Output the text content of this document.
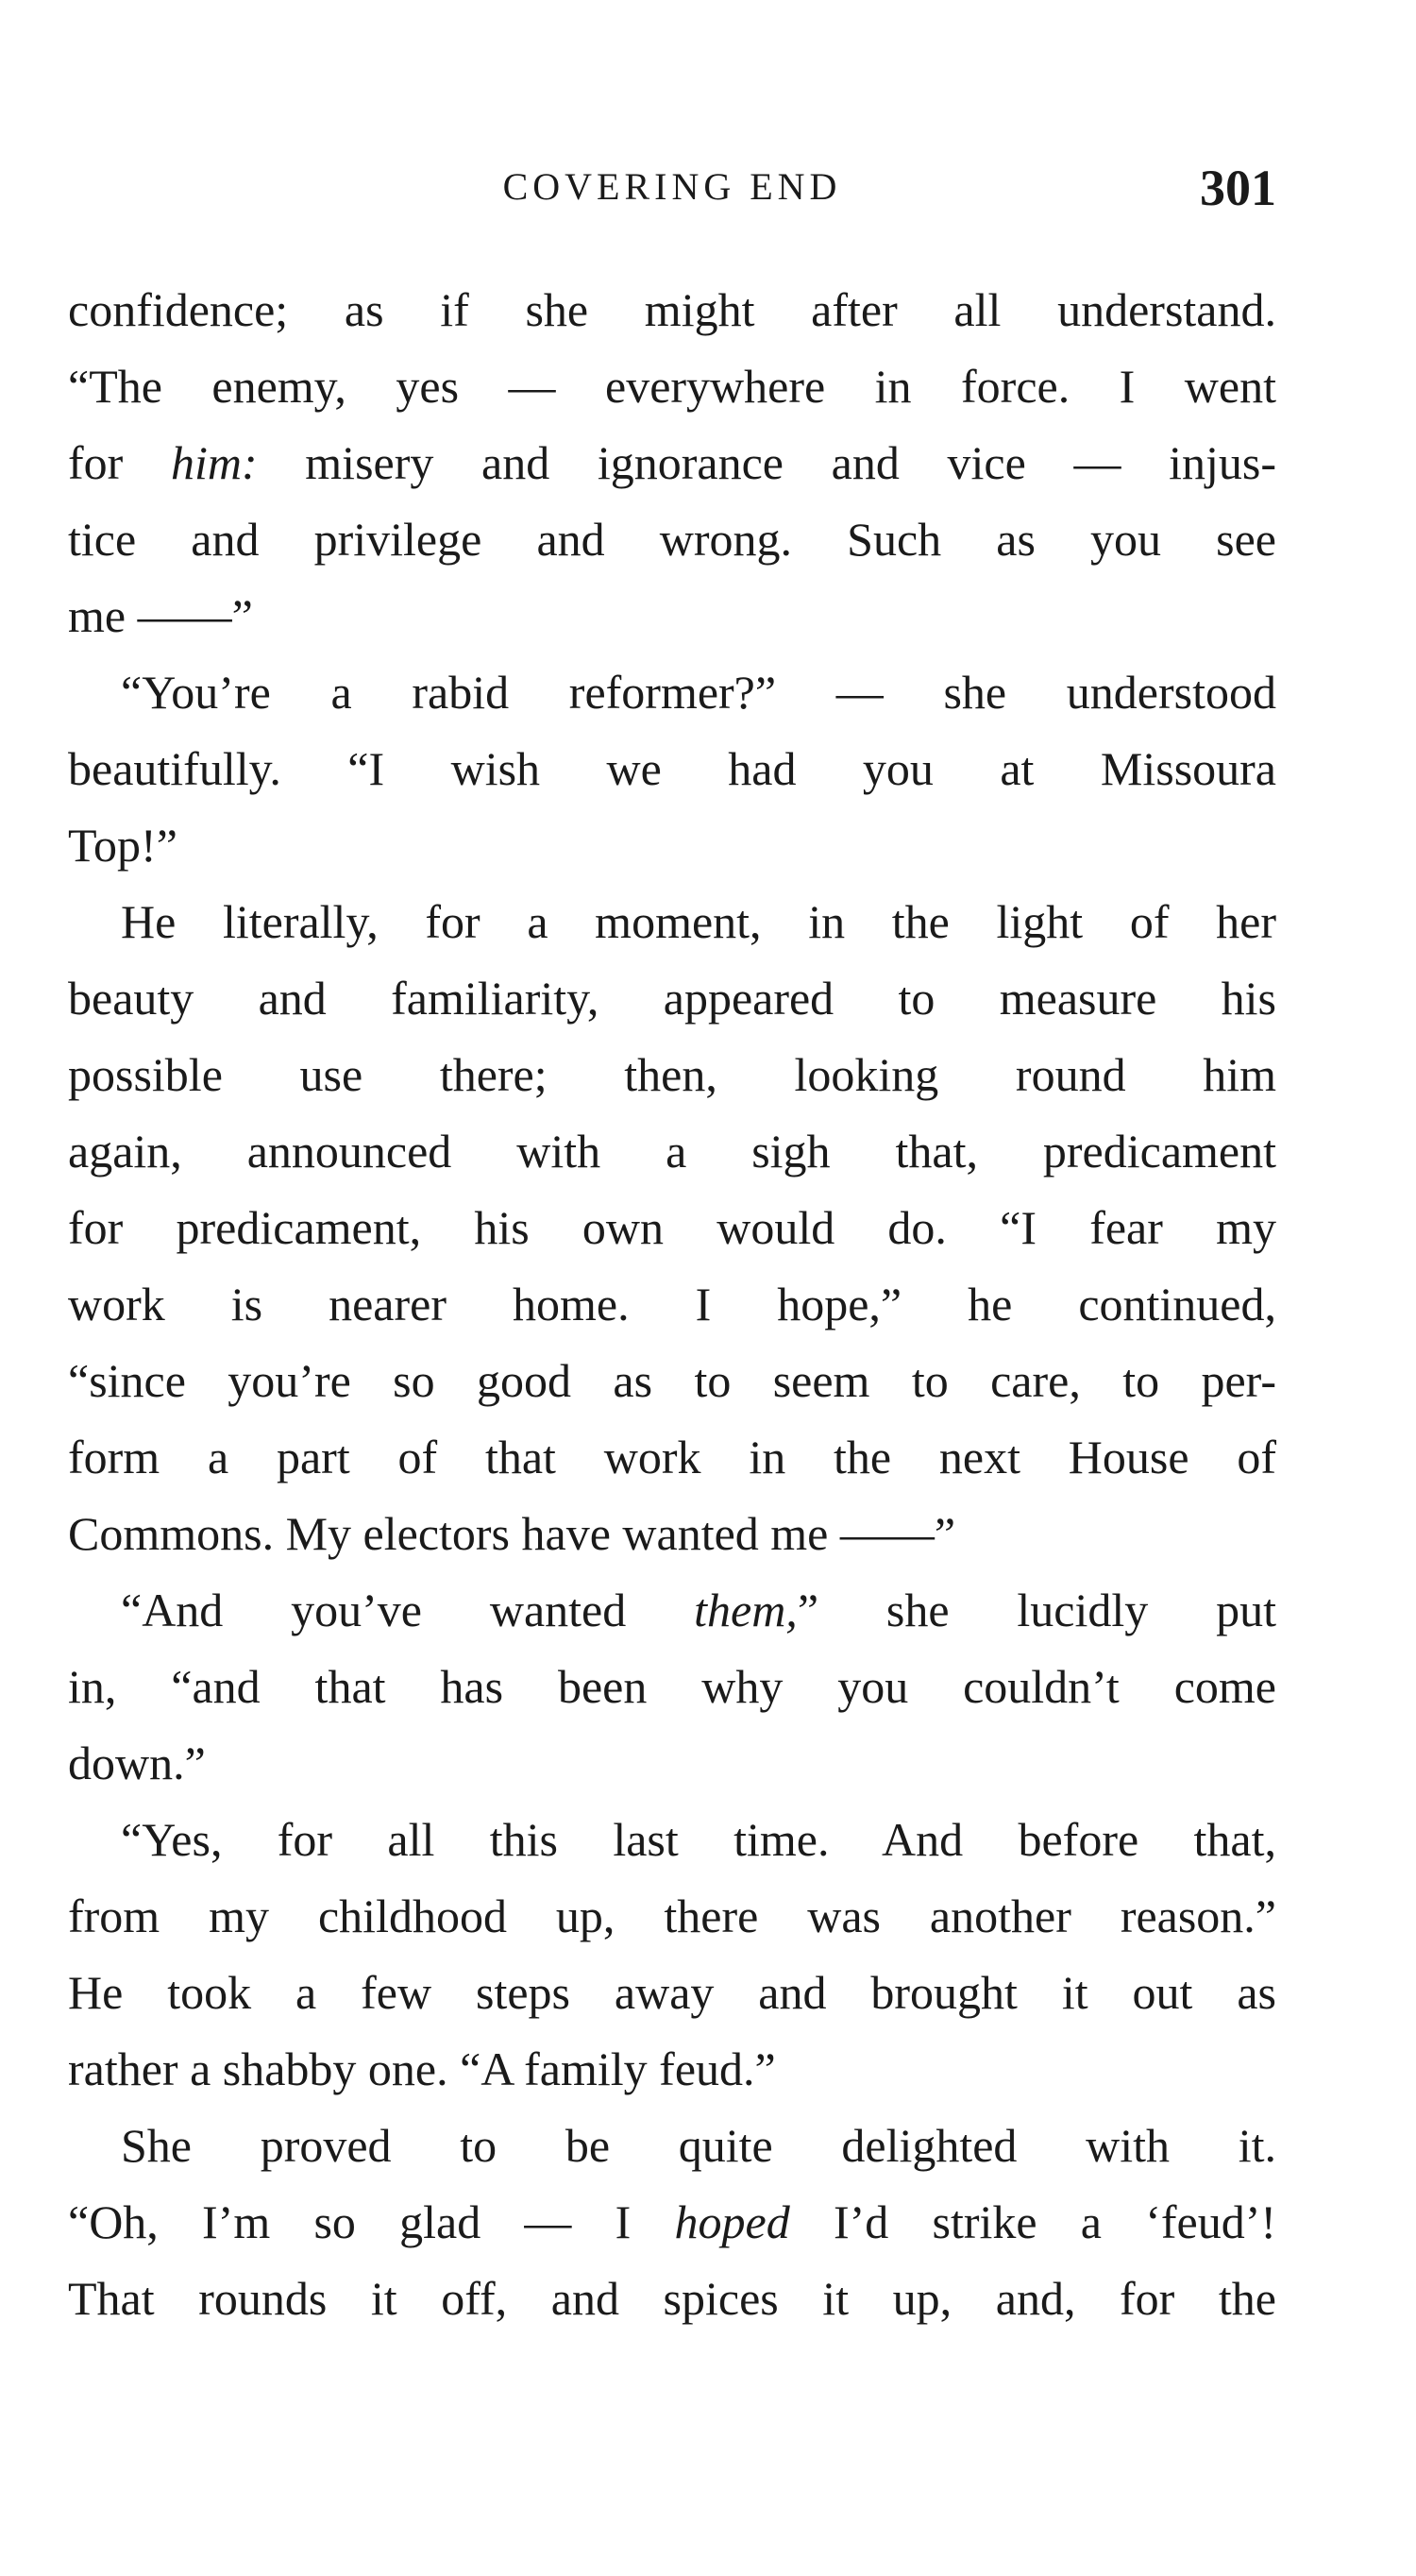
COVERING END	301
confidence; as if she might after all understand.
“The enemy, yes — everywhere in force. I went
for him: misery and ignorance and vice — injus-
tice and privilege and wrong. Such as you see
me ——”
“You’re a rabid reformer?” — she understood
beautifully. “I wish we had you at Missoura
Top!”
He literally, for a moment, in the light of her
beauty and familiarity, appeared to measure his
possible use there; then, looking round him
again, announced with a sigh that, predicament
for predicament, his own would do. “I fear my
work is nearer home. I hope,” he continued,
“since you’re so good as to seem to care, to per-
form a part of that work in the next House of
Commons. My electors have wanted me ——”
“And you’ve wanted them,” she lucidly put
in, “and that has been why you couldn’t come
down.”
“Yes, for all this last time. And before that,
from my childhood up, there was another reason.”
He took a few steps away and brought it out as
rather a shabby one. “A family feud.”
She proved to be quite delighted with it.
“Oh, I’m so glad — I hoped I’d strike a ‘feud’!
That rounds it off, and spices it up, and, for the
